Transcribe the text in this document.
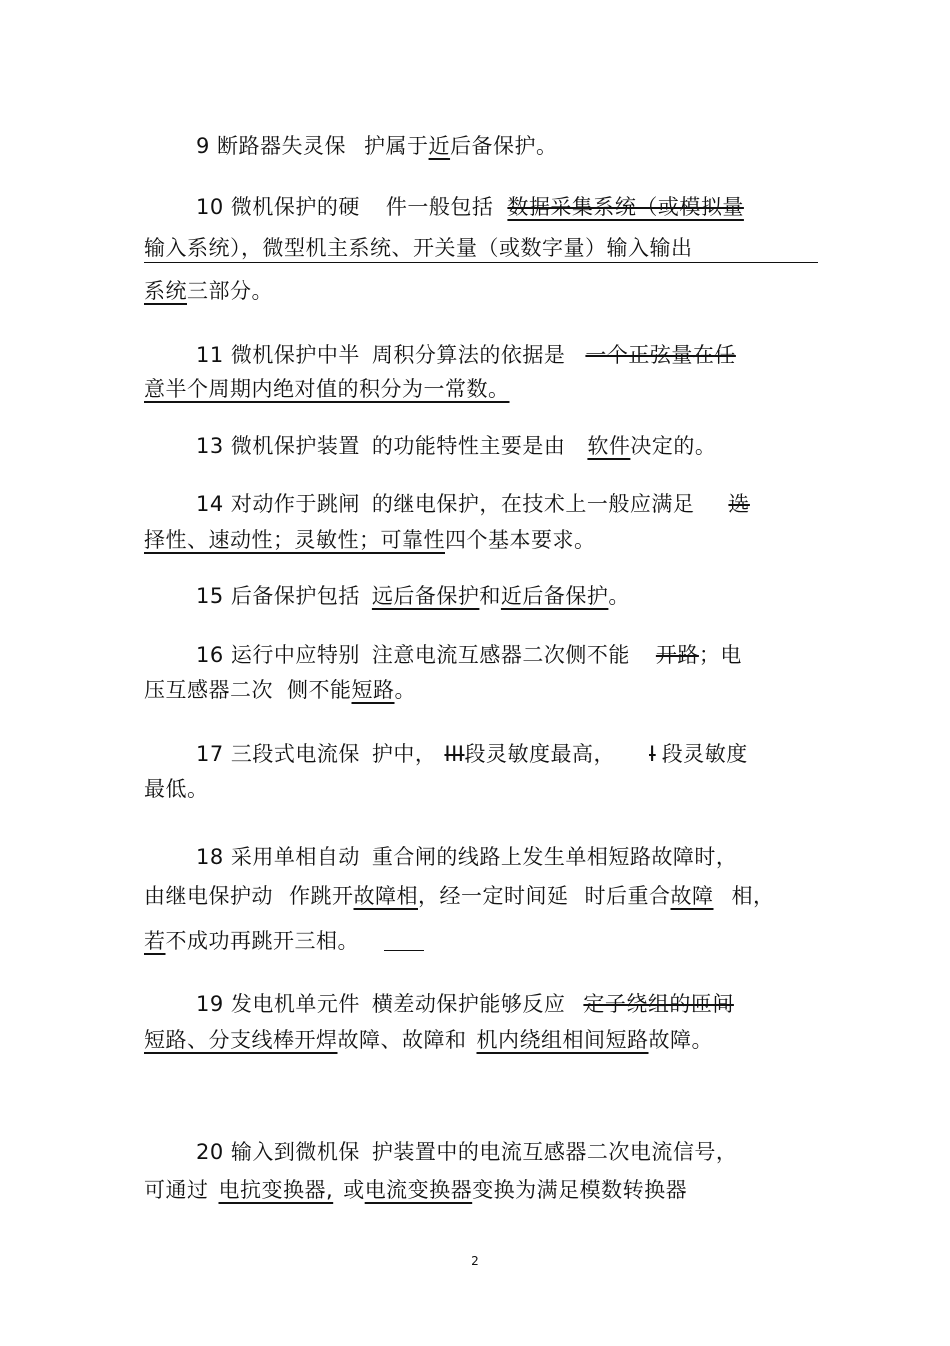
9 断路器失灵保 护属于近后备保护。
10 微机保护的硬 件一般包括 数据采集系统（或模拟量
输入系统），微型机主系统、开关量（或数字量）输入输出
系统三部分。
11 微机保护中半 周积分算法的依据是 一个正弦量在任
意半个周期内绝对值的积分为一常数。
13 微机保护装置 的功能特性主要是由 软件决定的。
14 对动作于跳闸 的继电保护，在技术上一般应满足 选
择性、速动性；灵敏性；可靠性四个基本要求。
15 后备保护包括 远后备保护和近后备保护。
16 运行中应特别 注意电流互感器二次侧不能 开路；电
压互感器二次 侧不能短路。
17 三段式电流保 护中， III段灵敏度最高， I 段灵敏度
最低。
18 采用单相自动 重合闸的线路上发生单相短路故障时，
由继电保护动 作跳开故障相，经一定时间延 时后重合故障 相，
若不成功再跳开三相。
19 发电机单元件 横差动保护能够反应 定子绕组的匝间
短路、分支线棒开焊故障、故障和 机内绕组相间短路故障。
20 输入到微机保 护装置中的电流互感器二次电流信号，
可通过 电抗变换器, 或电流变换器变换为满足模数转换器
2
